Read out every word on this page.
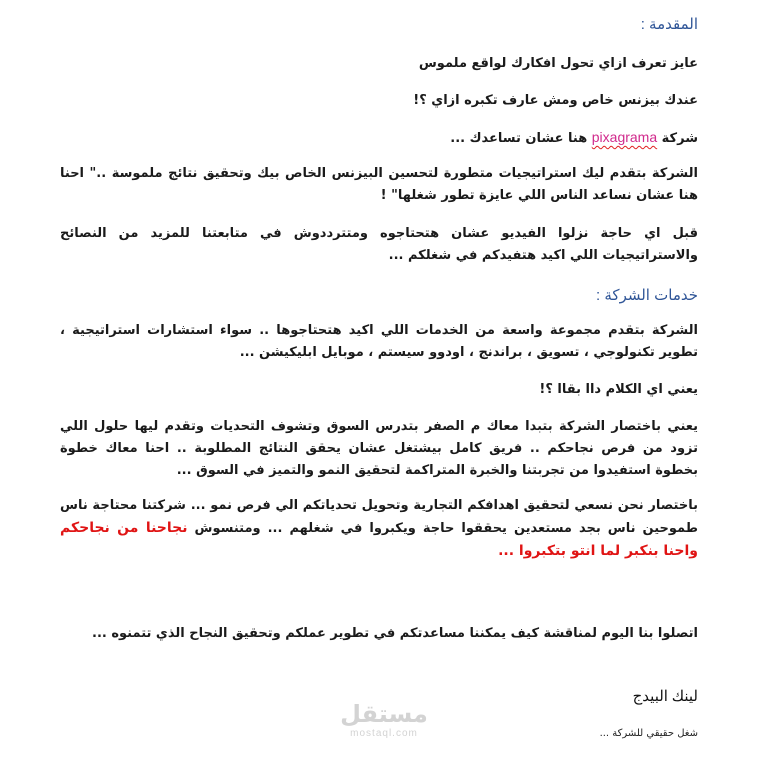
المقدمة :
عايز تعرف ازاي تحول افكارك لواقع ملموس
عندك بيزنس خاص ومش عارف تكبره ازاي ؟!
شركة pixagrama هنا عشان تساعدك ...
الشركة بتقدم ليك استراتيجيات متطورة لتحسين البيزنس الخاص بيك وتحقيق نتائج ملموسة .." احنا هنا عشان نساعد الناس اللي عايزة تطور شغلها" !
قبل اي حاجة نزلوا الفيديو عشان هتحتاجوه ومتترددوش في متابعتنا للمزيد من النصائح والاستراتيجيات اللي اكيد هتفيدكم في شغلكم ...
خدمات الشركة :
الشركة بتقدم مجموعة واسعة من الخدمات اللي اكيد هتحتاجوها .. سواء استشارات استراتيجية ، تطوير تكنولوجي ، تسويق ، براندنج ، اودوو سيستم ، موبايل ابليكيشن ...
يعني اي الكلام داا بقاا ؟!
يعني باختصار الشركة بتبدا معاك م الصفر بتدرس السوق وتشوف التحديات وتقدم ليها حلول اللي تزود من فرص نجاحكم .. فريق كامل بيشتغل عشان يحقق النتائج المطلوبة .. احنا معاك خطوة بخطوة استفيدوا من تجربتنا والخبرة المتراكمة لتحقيق النمو والتميز في السوق ...
باختصار نحن نسعي لتحقيق اهدافكم التجارية وتحويل تحدياتكم الي فرص نمو ... شركتنا محتاجة ناس طموحين ناس بجد مستعدين يحققوا حاجة ويكبروا في شغلهم ... ومتنسوش نجاحنا من نجاحكم واحنا بنكبر لما انتو بتكبروا ...
اتصلوا بنا اليوم لمناقشة كيف يمكننا مساعدتكم في تطوير عملكم وتحقيق النجاح الذي تتمنوه ...
لينك البيدج
شغل حقيقي للشركة ...
مستقل
mostaql.com
